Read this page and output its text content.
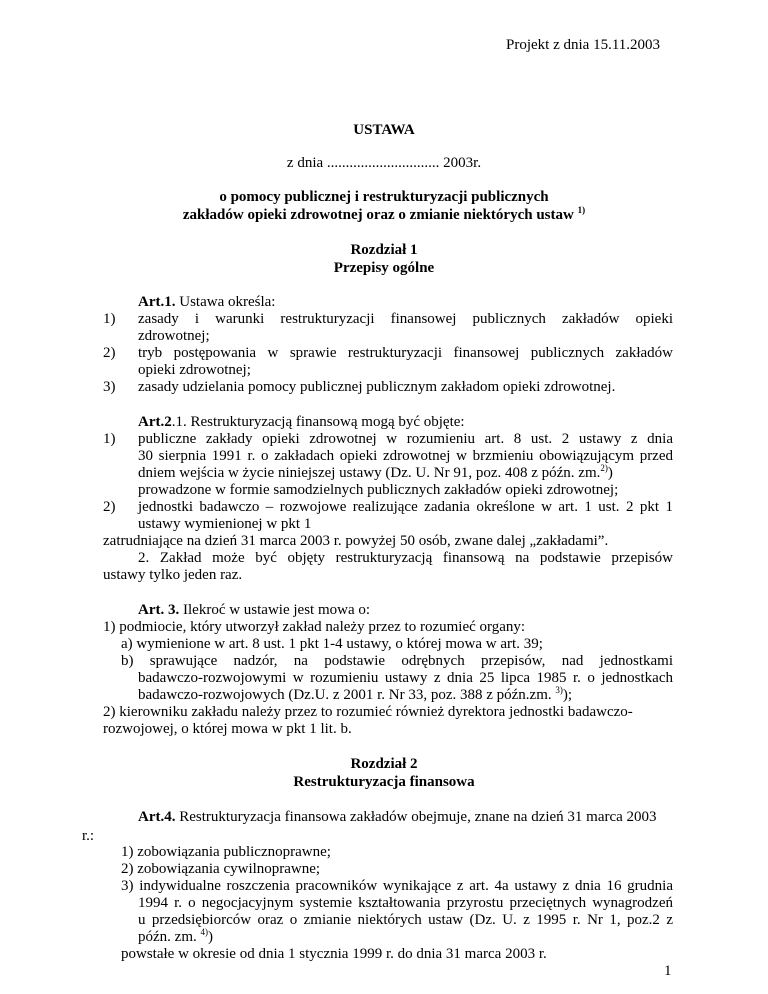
Projekt z dnia 15.11.2003
USTAWA
z dnia .............................. 2003r.
o pomocy publicznej i restrukturyzacji publicznych
zakładów opieki zdrowotnej oraz o zmianie niektórych ustaw $^{1)}$
Rozdział 1
Przepisy ogólne
Art.1. Ustawa określa:
1) zasady i warunki restrukturyzacji finansowej publicznych zakładów opieki
zdrowotnej;
2) tryb postępowania w sprawie restrukturyzacji finansowej publicznych zakładów
opieki zdrowotnej;
3) zasady udzielania pomocy publicznej publicznym zakładom opieki zdrowotnej.
Art.2.1. Restrukturyzacją finansową mogą być objęte:
1) publiczne zakłady opieki zdrowotnej w rozumieniu art. 8 ust. 2 ustawy z dnia
30 sierpnia 1991 r. o zakładach opieki zdrowotnej w brzmieniu obowiązującym przed
dniem wejścia w życie niniejszej ustawy (Dz. U. Nr 91, poz. 408 z późn. zm.$^{2)}$)
prowadzone w formie samodzielnych publicznych zakładów opieki zdrowotnej;
2) jednostki badawczo – rozwojowe realizujące zadania określone w art. 1 ust. 2 pkt 1
ustawy wymienionej w pkt 1
zatrudniające na dzień 31 marca 2003 r. powyżej 50 osób, zwane dalej „zakładami”.
2. Zakład może być objęty restrukturyzacją finansową na podstawie przepisów
ustawy tylko jeden raz.
Art. 3. Ilekroć w ustawie jest mowa o:
1) podmiocie, który utworzył zakład należy przez to rozumieć organy:
a) wymienione w art. 8 ust. 1 pkt 1-4 ustawy, o której mowa w art. 39;
b) sprawujące nadzór, na podstawie odrębnych przepisów, nad jednostkami
badawczo-rozwojowymi w rozumieniu ustawy z dnia 25 lipca 1985 r. o jednostkach
badawczo-rozwojowych (Dz.U. z 2001 r. Nr 33, poz. 388 z późn.zm. $^{3)}$);
2) kierowniku zakładu należy przez to rozumieć również dyrektora jednostki badawczo-
rozwojowej, o której mowa w pkt 1 lit. b.
Rozdział 2
Restrukturyzacja finansowa
Art.4. Restrukturyzacja finansowa zakładów obejmuje, znane na dzień 31 marca 2003
r.:
1) zobowiązania publicznoprawne;
2) zobowiązania cywilnoprawne;
3) indywidualne roszczenia pracowników wynikające z art. 4a ustawy z dnia 16 grudnia
1994 r. o negocjacyjnym systemie kształtowania przyrostu przeciętnych wynagrodzeń
u przedsiębiorców oraz o zmianie niektórych ustaw (Dz. U. z 1995 r. Nr 1, poz.2 z
późn. zm. $^{4)}$)
powstałe w okresie od dnia 1 stycznia 1999 r. do dnia 31 marca 2003 r.
1
